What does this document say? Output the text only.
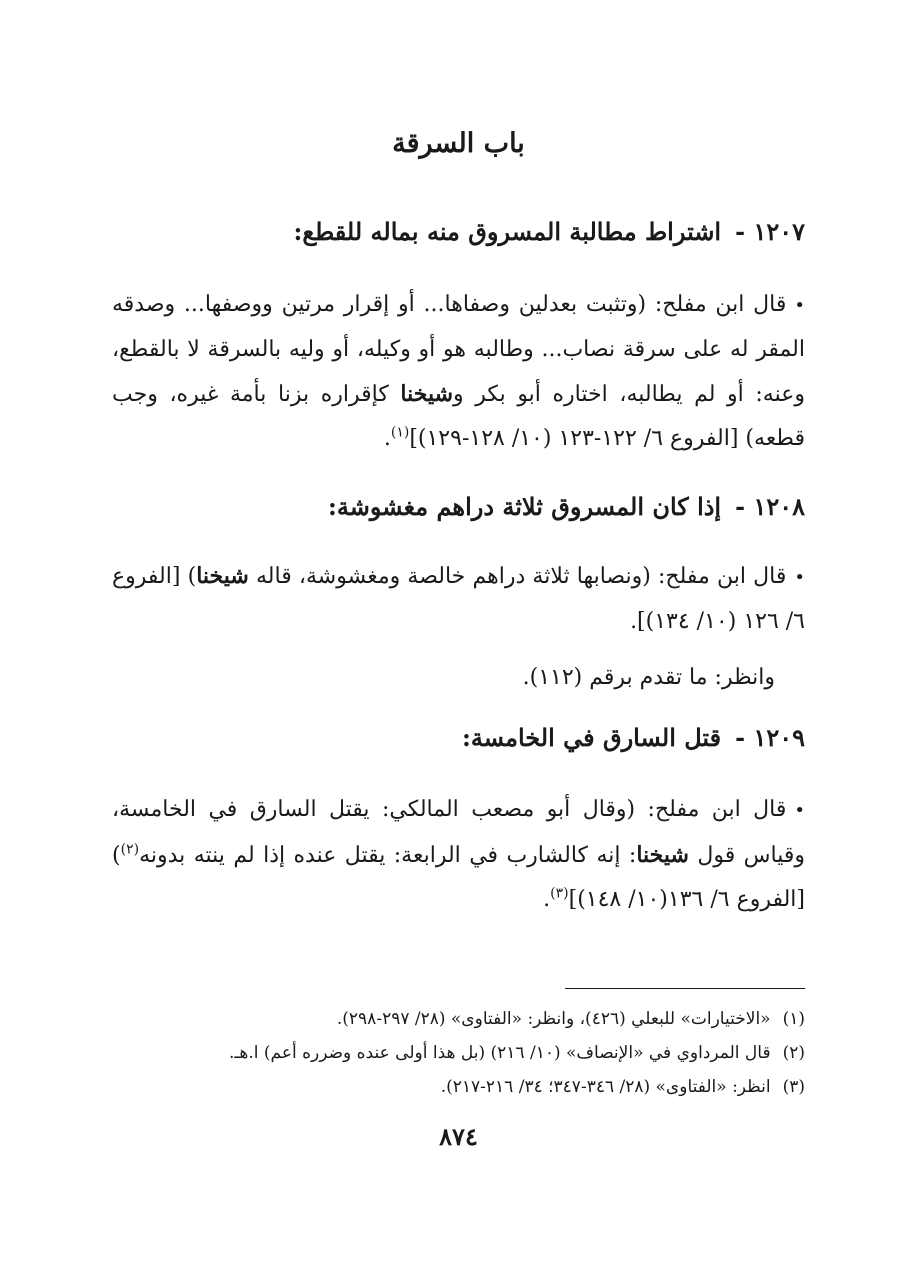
باب السرقة

١٢٠٧ -اشتراط مطالبة المسروق منه بماله للقطع:

•قال ابن مفلح: (وتثبت بعدلين وصفاها... أو إقرار مرتين ووصفها... وصدقه المقر له على سرقة نصاب... وطالبه هو أو وكيله، أو وليه بالسرقة لا بالقطع، وعنه: أو لم يطالبه، اختاره أبو بكر وشيخنا كإقراره بزنا بأمة غيره، وجب قطعه) [الفروع ٦/ ١٢٢-١٢٣ (١٠/ ١٢٨-١٢٩)]$^{(١)}$.

١٢٠٨ -إذا كان المسروق ثلاثة دراهم مغشوشة:

•قال ابن مفلح: (ونصابها ثلاثة دراهم خالصة ومغشوشة، قاله شيخنا) [الفروع ٦/ ١٢٦ (١٠/ ١٣٤)].

وانظر: ما تقدم برقم (١١٢).

١٢٠٩ -قتل السارق في الخامسة:

•قال ابن مفلح: (وقال أبو مصعب المالكي: يقتل السارق في الخامسة، وقياس قول شيخنا: إنه كالشارب في الرابعة: يقتل عنده إذا لم ينته بدونه$^{(٢)}$) [الفروع ٦/ ١٣٦(١٠/ ١٤٨)]$^{(٣)}$.

(١)«الاختيارات» للبعلي (٤٢٦)، وانظر: «الفتاوى» (٢٨/ ٢٩٧-٢٩٨).

(٢)قال المرداوي في «الإنصاف» (١٠/ ٢١٦) (بل هذا أولى عنده وضرره أعم) ا.هـ.

(٣)انظر: «الفتاوى» (٢٨/ ٣٤٦-٣٤٧؛ ٣٤/ ٢١٦-٢١٧).

٨٧٤
